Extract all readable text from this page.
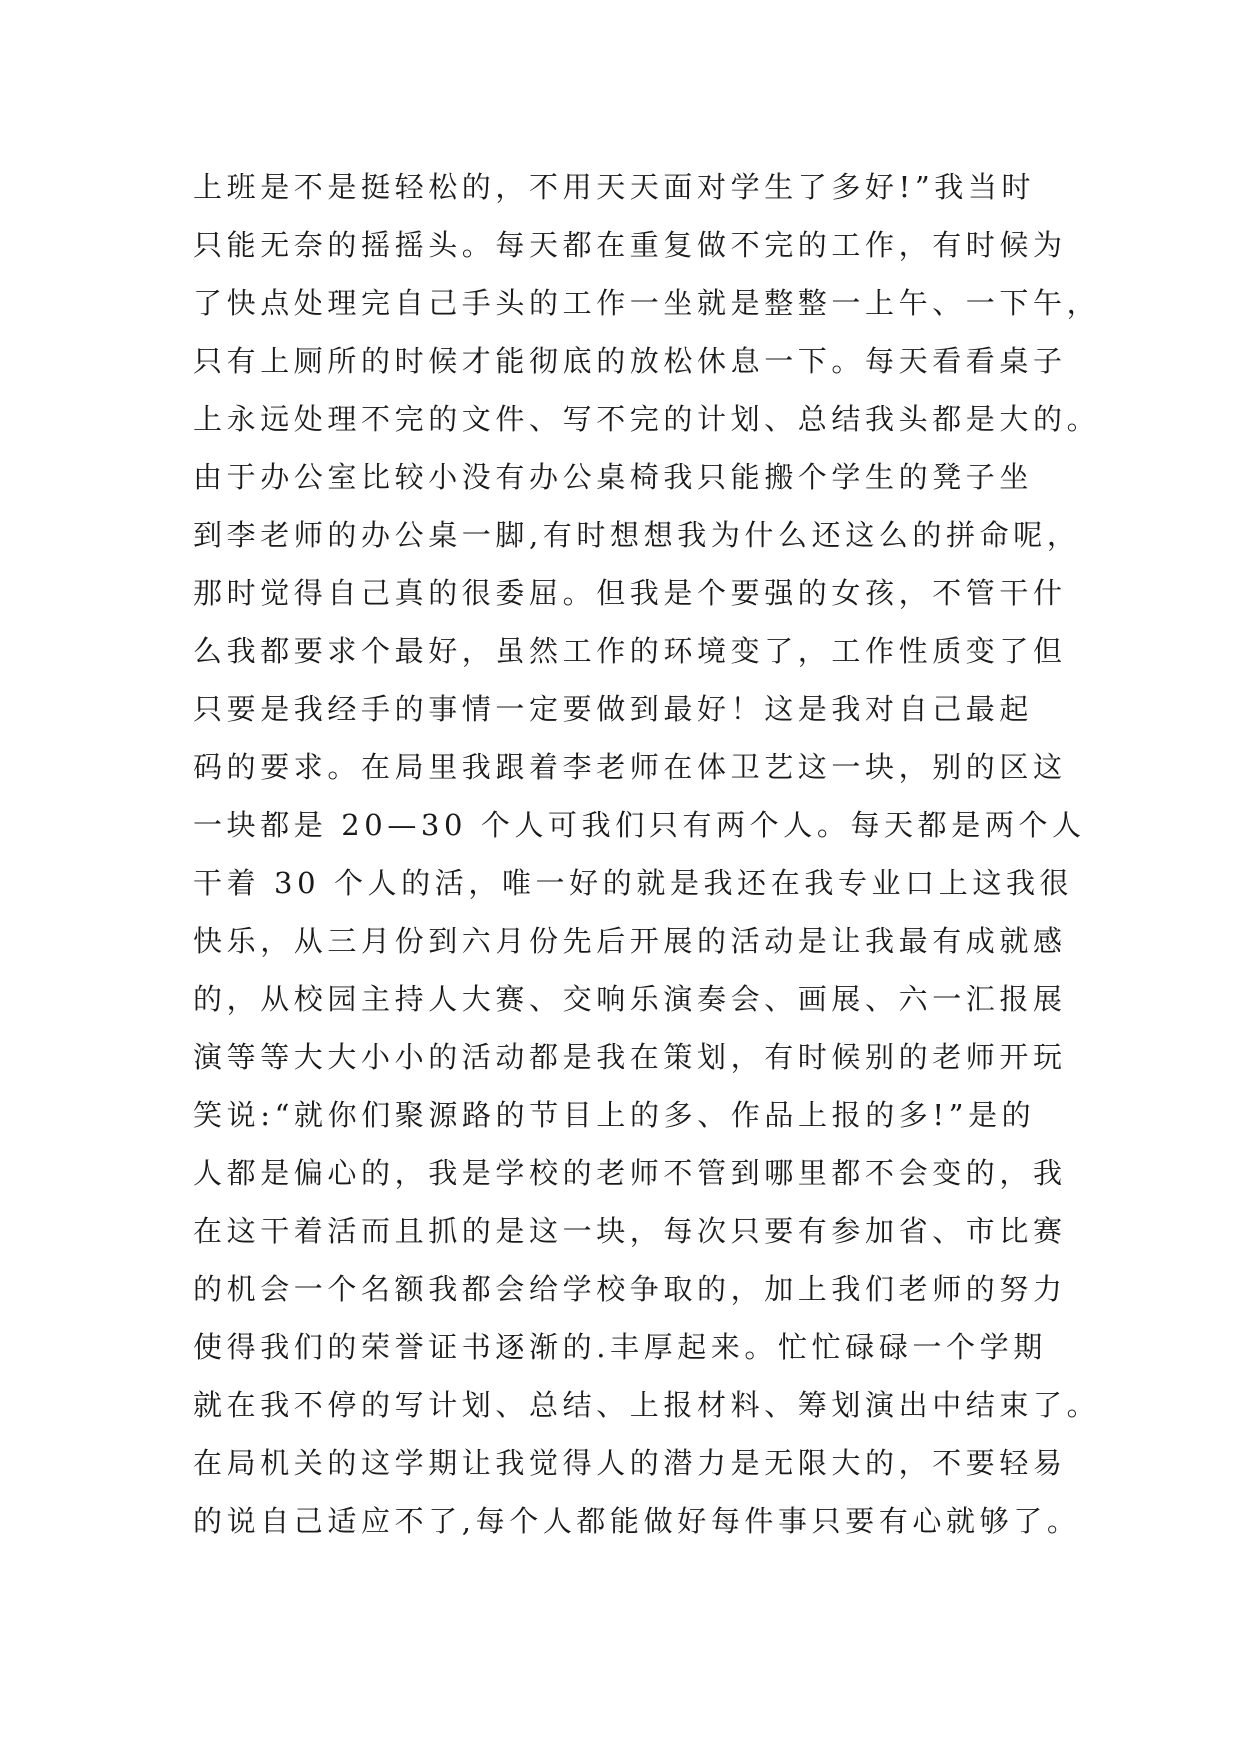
上班是不是挺轻松的，不用天天面对学生了多好!”我当时
只能无奈的摇摇头。每天都在重复做不完的工作，有时候为
了快点处理完自己手头的工作一坐就是整整一上午、一下午，
只有上厕所的时候才能彻底的放松休息一下。每天看看桌子
上永远处理不完的文件、写不完的计划、总结我头都是大的。
由于办公室比较小没有办公桌椅我只能搬个学生的凳子坐
到李老师的办公桌一脚,有时想想我为什么还这么的拼命呢，
那时觉得自己真的很委屈。但我是个要强的女孩，不管干什
么我都要求个最好，虽然工作的环境变了，工作性质变了但
只要是我经手的事情一定要做到最好！这是我对自己最起
码的要求。在局里我跟着李老师在体卫艺这一块，别的区这
一块都是 20—30 个人可我们只有两个人。每天都是两个人
干着 30 个人的活，唯一好的就是我还在我专业口上这我很
快乐，从三月份到六月份先后开展的活动是让我最有成就感
的，从校园主持人大赛、交响乐演奏会、画展、六一汇报展
演等等大大小小的活动都是我在策划，有时候别的老师开玩
笑说:“就你们聚源路的节目上的多、作品上报的多!”是的
人都是偏心的，我是学校的老师不管到哪里都不会变的，我
在这干着活而且抓的是这一块，每次只要有参加省、市比赛
的机会一个名额我都会给学校争取的，加上我们老师的努力
使得我们的荣誉证书逐渐的.丰厚起来。忙忙碌碌一个学期
就在我不停的写计划、总结、上报材料、筹划演出中结束了。
在局机关的这学期让我觉得人的潜力是无限大的，不要轻易
的说自己适应不了,每个人都能做好每件事只要有心就够了。
